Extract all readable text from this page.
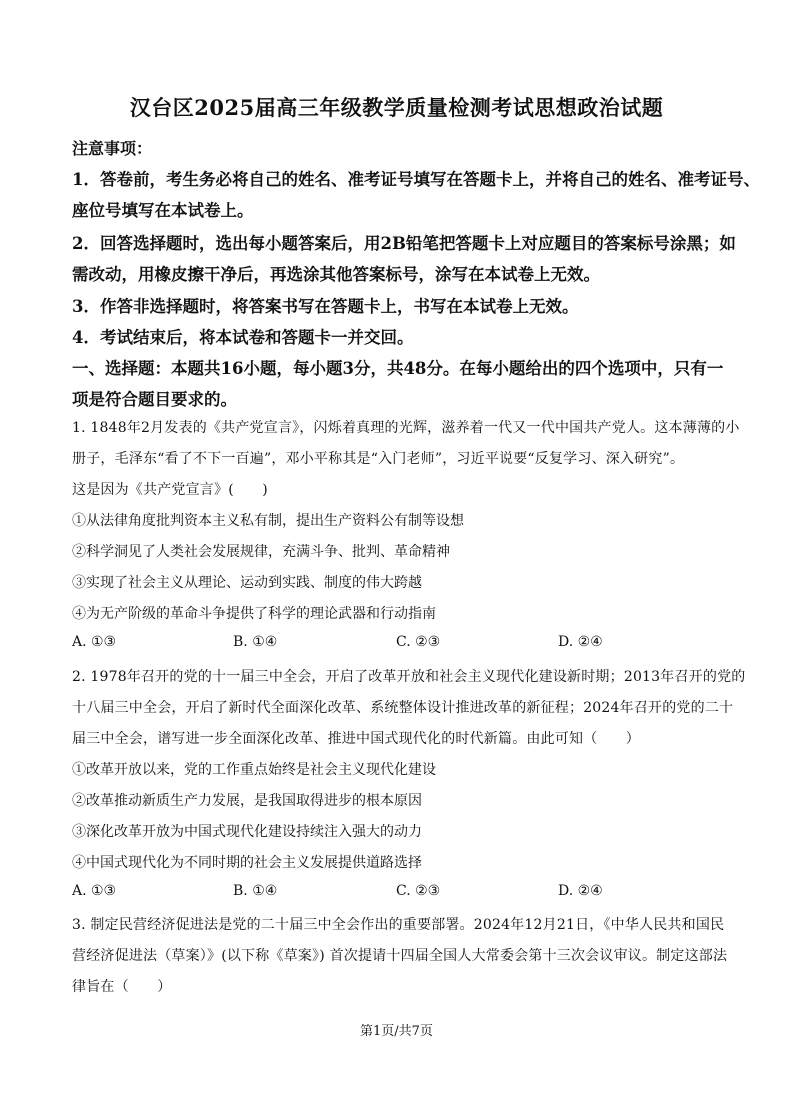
汉台区2025届高三年级教学质量检测考试思想政治试题
注意事项：
1．答卷前，考生务必将自己的姓名、准考证号填写在答题卡上，并将自己的姓名、准考证号、
座位号填写在本试卷上。
2．回答选择题时，选出每小题答案后，用2B铅笔把答题卡上对应题目的答案标号涂黑；如
需改动，用橡皮擦干净后，再选涂其他答案标号，涂写在本试卷上无效。
3．作答非选择题时，将答案书写在答题卡上，书写在本试卷上无效。
4．考试结束后，将本试卷和答题卡一并交回。
一、选择题：本题共16小题，每小题3分，共48分。在每小题给出的四个选项中，只有一
项是符合题目要求的。
1. 1848年2月发表的《共产党宣言》，闪烁着真理的光辉，滋养着一代又一代中国共产党人。这本薄薄的小
册子，毛泽东“看了不下一百遍”，邓小平称其是“入门老师”，习近平说要“反复学习、深入研究”。
这是因为《共产党宣言》(　　)
①从法律角度批判资本主义私有制，提出生产资料公有制等设想
②科学洞见了人类社会发展规律，充满斗争、批判、革命精神
③实现了社会主义从理论、运动到实践、制度的伟大跨越
④为无产阶级的革命斗争提供了科学的理论武器和行动指南
A. ①③	B. ①④	C. ②③	D. ②④
2. 1978年召开的党的十一届三中全会，开启了改革开放和社会主义现代化建设新时期；2013年召开的党的
十八届三中全会，开启了新时代全面深化改革、系统整体设计推进改革的新征程；2024年召开的党的二十
届三中全会，谱写进一步全面深化改革、推进中国式现代化的时代新篇。由此可知（　　）
①改革开放以来，党的工作重点始终是社会主义现代化建设
②改革推动新质生产力发展，是我国取得进步的根本原因
③深化改革开放为中国式现代化建设持续注入强大的动力
④中国式现代化为不同时期的社会主义发展提供道路选择
A. ①③	B. ①④	C. ②③	D. ②④
3. 制定民营经济促进法是党的二十届三中全会作出的重要部署。2024年12月21日，《中华人民共和国民
营经济促进法（草案）》(以下称《草案》) 首次提请十四届全国人大常委会第十三次会议审议。制定这部法
律旨在（　　）
第1页/共7页
